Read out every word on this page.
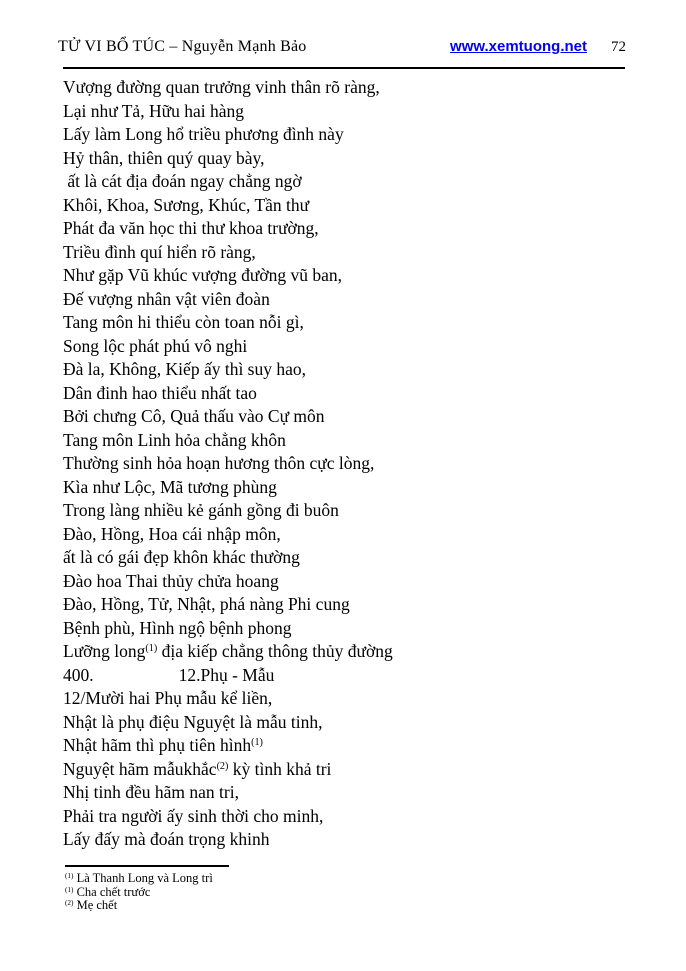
TỬ VI BỔ TÚC – Nguyễn Mạnh Bảo	www.xemtuong.net 72
Vượng đường quan trưởng vinh thân rõ ràng,
Lại như Tả, Hữu hai hàng
Lấy làm Long hổ triều phương đình này
Hỷ thân, thiên quý quay bày,
ất là cát địa đoán ngay chẳng ngờ
Khôi, Khoa, Sương, Khúc, Tần thư
Phát đa văn học thi thư khoa trường,
Triều đình quí hiển rõ ràng,
Như gặp Vũ khúc vượng đường vũ ban,
Đế vượng nhân vật viên đoàn
Tang môn hi thiểu còn toan nỗi gì,
Song lộc phát phú vô nghi
Đà la, Không, Kiếp ấy thì suy hao,
Dân đinh hao thiểu nhất tao
Bởi chưng Cô, Quả thấu vào Cự môn
Tang môn Linh hỏa chẳng khôn
Thường sinh hỏa hoạn hương thôn cực lòng,
Kìa như Lộc, Mã tương phùng
Trong làng nhiều kẻ gánh gồng đi buôn
Đào, Hồng, Hoa cái nhập môn,
ất là có gái đẹp khôn khác thường
Đào hoa Thai thủy chửa hoang
Đào, Hồng, Tử, Nhật, phá nàng Phi cung
Bệnh phù, Hình ngộ bệnh phong
Lưỡng long$^{(1)}$ địa kiếp chẳng thông thủy đường
400.	12.Phụ - Mẫu
12/Mười hai Phụ mẫu kể liền,
Nhật là phụ điệu Nguyệt là mẫu tinh,
Nhật hãm thì phụ tiên hình$^{(1)}$
Nguyệt hãm mẫukhắc$^{(2)}$ kỳ tình khả tri
Nhị tinh đều hãm nan tri,
Phải tra người ấy sinh thời cho minh,
Lấy đấy mà đoán trọng khinh
$^{(1)}$ Là Thanh Long và Long trì
$^{(1)}$ Cha chết trước
$^{(2)}$ Mẹ chết
